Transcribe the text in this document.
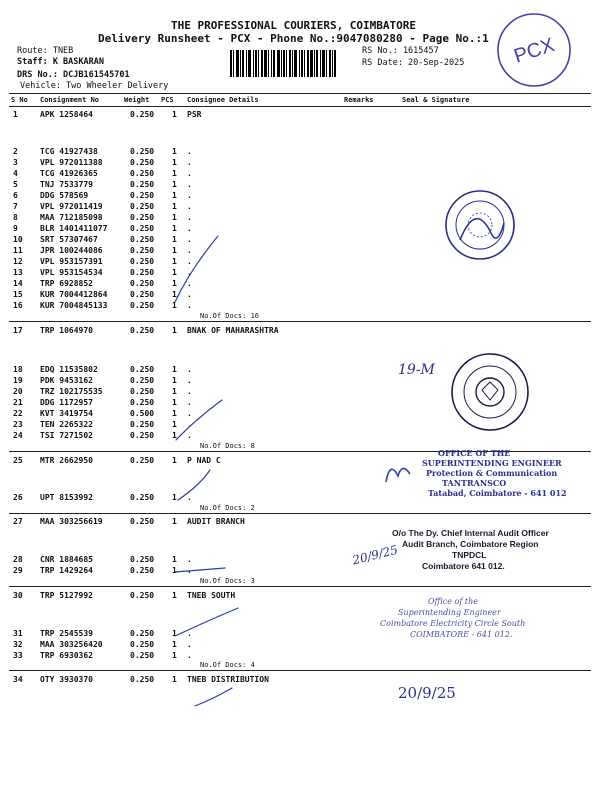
THE PROFESSIONAL COURIERS, COIMBATORE
Delivery Runsheet - PCX - Phone No.:9047080280 - Page No.:1 PCX
Route: TNEB
Staff: K BASKARAN
DRS No.: DCJB161545701
Vehicle: Two Wheeler Delivery
RS No.: 1615457
RS Date: 20-Sep-2025
S No Consignment No	Weight PCS Consignee Details	Remarks	Seal & Signature
1	APK 1258464	0.250 1 PSR
2	TCG 41927438	0.250 1 .
3	VPL 972011388	0.250 1 .
4	TCG 41926365	0.250 1 .
5	TNJ 7533779	0.250 1 .
6	DDG 578569	0.250 1 .
7	VPL 972011419	0.250 1 .
8	MAA 712185098	0.250 1 .
9	BLR 1401411077	0.250 1 .
10 SRT 57307467	0.250 1 .
11 JPR 100244086	0.250 1 .
12 VPL 953157391	0.250 1 .
13 VPL 953154534	0.250 1 .
14 TRP 6928852	0.250 1 .
15 KUR 7004412864	0.250 1 .
16 KUR 7004845133	0.250 1 .
No.Of Docs: 16
17 TRP 1064970	0.250 1 BNAK OF MAHARASHTRA
18 EDQ 11535802	0.250 1 .
19 PDK 9453162	0.250 1 .
20 TRZ 102175535	0.250 1 .
21 DDG 1172957	0.250 1 .
22 KVT 3419754	0.500 1 .
23 TEN 2265322	0.250 1 .
24 TSI 7271502	0.250 1 .
No.Of Docs: 8
25 MTR 2662950	0.250 1 P NAD C
26 UPT 8153992	0.250 1 .
No.Of Docs: 2
27 MAA 303256619	0.250 1 AUDIT BRANCH
28 CNR 1884685	0.250 1 .
29 TRP 1429264	0.250 1 .
No.Of Docs: 3
30 TRP 5127992	0.250 1 TNEB SOUTH
31 TRP 2545539	0.250 1 .
32 MAA 303256420	0.250 1 .
33 TRP 6930362	0.250 1 .
No.Of Docs: 4
34 OTY 3930370	0.250 1 TNEB DISTRIBUTION
19-M
OFFICE OF THE
SUPERINTENDING ENGINEER
Protection & Communication
TANTRANSCO
Tatabad, Coimbatore - 641 012
20/9/25
O/o The Dy. Chief Internal Audit Officer
Audit Branch, Coimbatore Region
TNPDCL
Coimbatore 641 012.
Office of the
Superintending Engineer
Coimbatore Electricity Circle South
COIMBATORE - 641 012.
20/9/25
